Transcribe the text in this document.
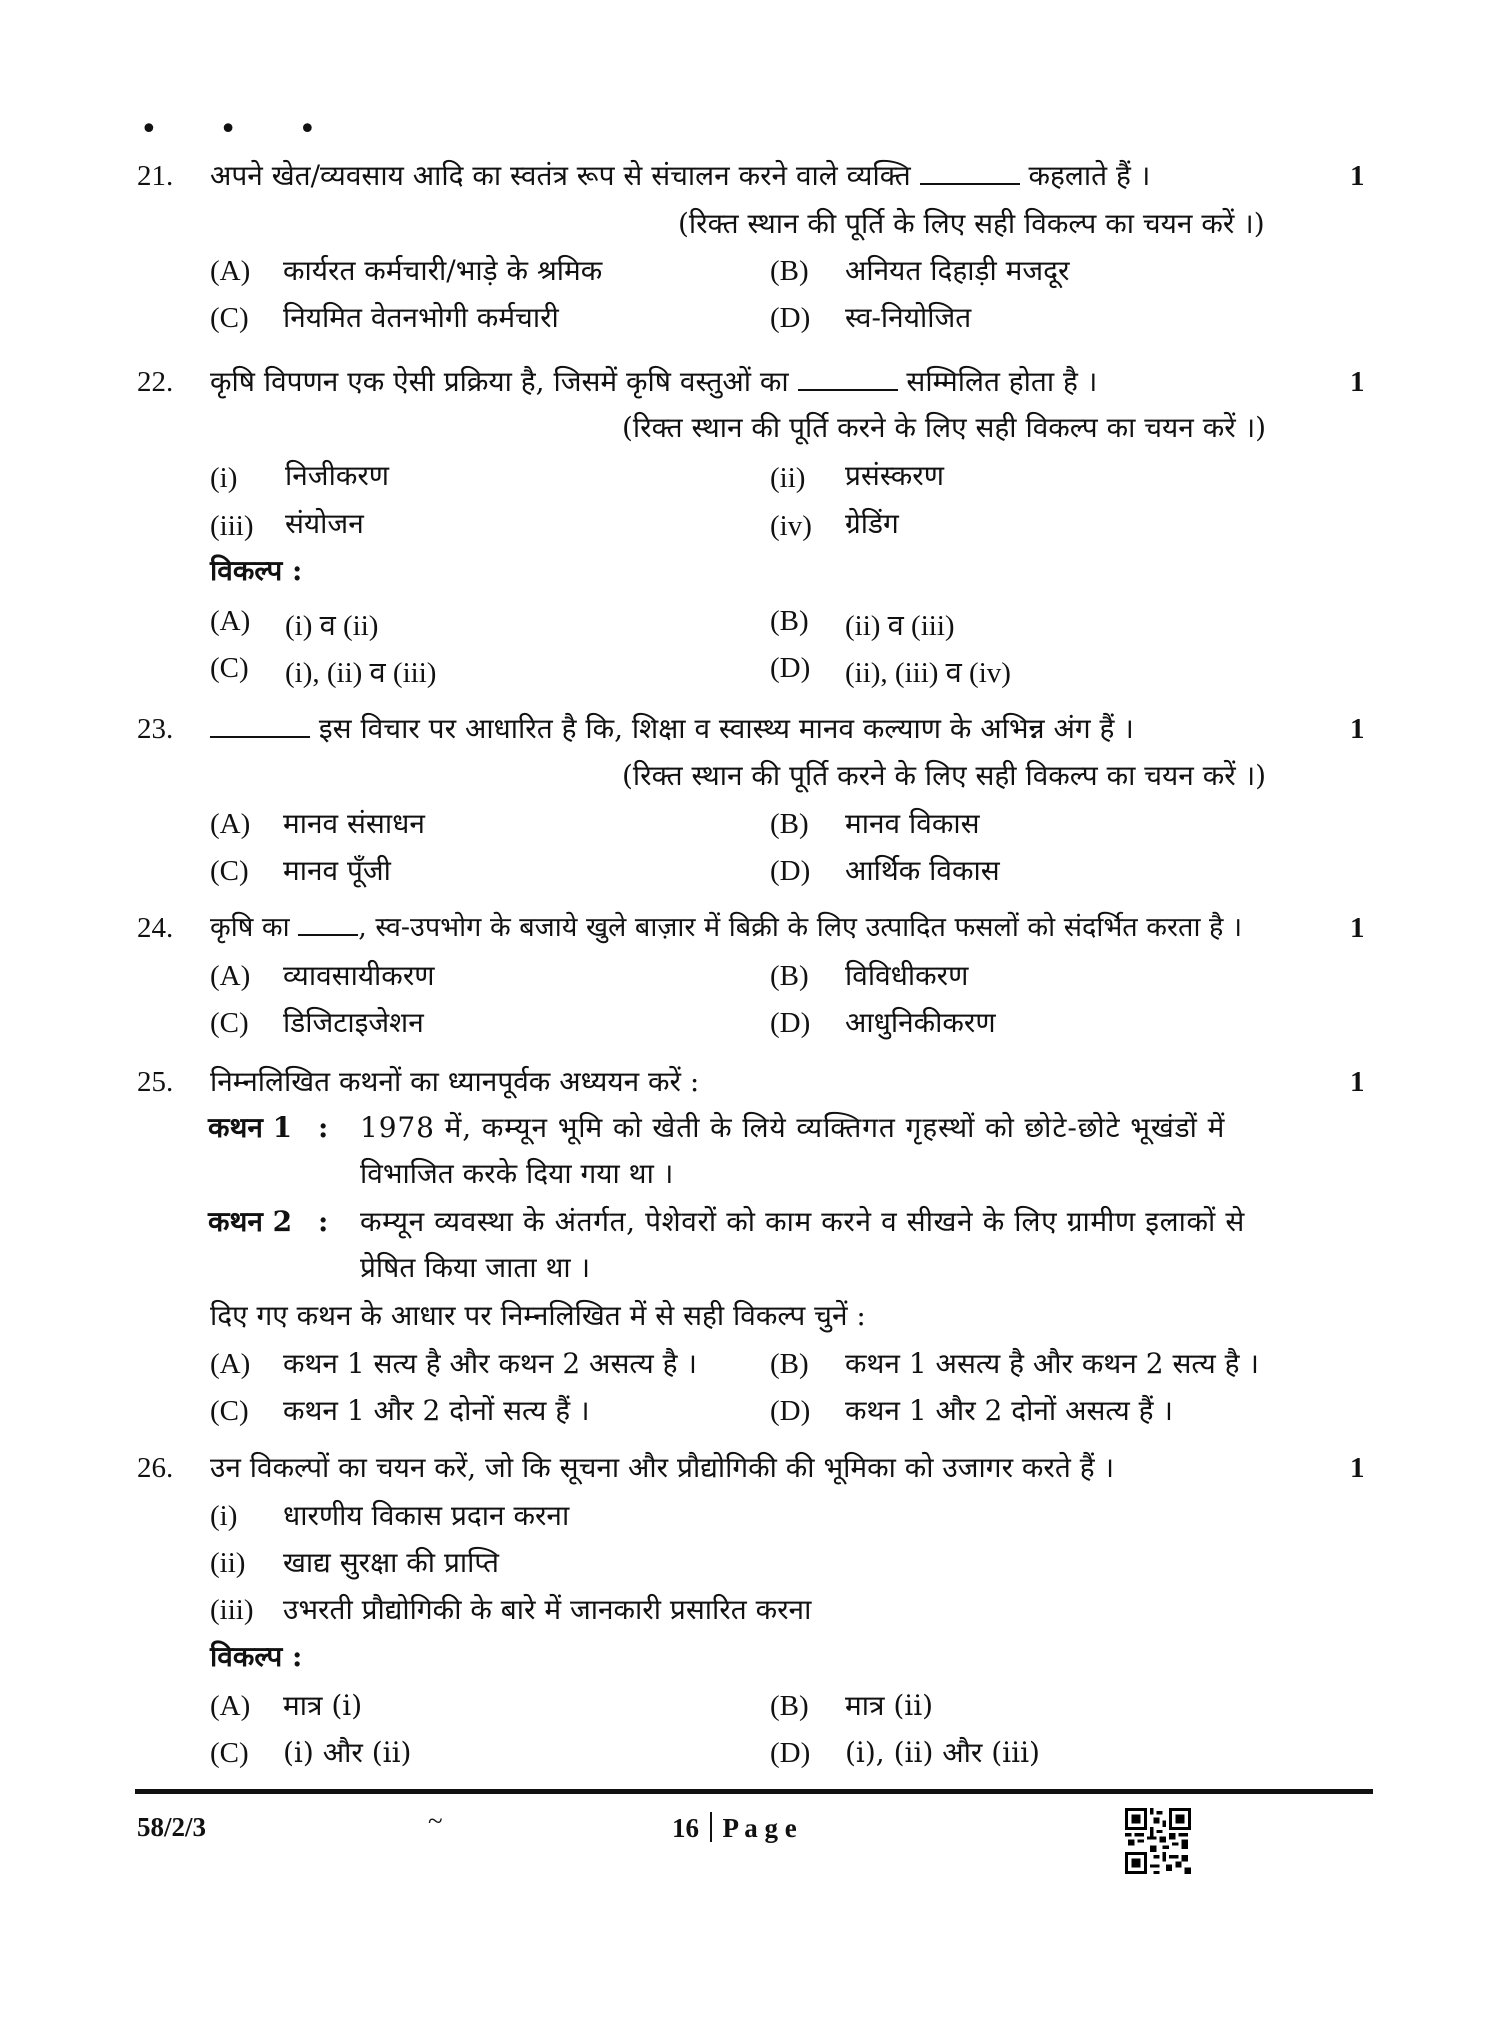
• • •
21. अपने खेत/व्यवसाय आदि का स्वतंत्र रूप से संचालन करने वाले व्यक्ति	कहलाते हैं ।	1
(रिक्त स्थान की पूर्ति के लिए सही विकल्प का चयन करें ।)
(A) कार्यरत कर्मचारी/भाड़े के श्रमिक	(B) अनियत दिहाड़ी मजदूर
(C) नियमित वेतनभोगी कर्मचारी	(D) स्व-नियोजित
22. कृषि विपणन एक ऐसी प्रक्रिया है, जिसमें कृषि वस्तुओं का	सम्मिलित होता है ।	1
(रिक्त स्थान की पूर्ति करने के लिए सही विकल्प का चयन करें ।)
(i) निजीकरण	(ii) प्रसंस्करण
(iii) संयोजन	(iv) ग्रेडिंग
विकल्प :
(A) (i) व (ii)	(B) (ii) व (iii)
(C) (i), (ii) व (iii)	(D) (ii), (iii) व (iv)
23.	इस विचार पर आधारित है कि, शिक्षा व स्वास्थ्य मानव कल्याण के अभिन्न अंग हैं ।	1
(रिक्त स्थान की पूर्ति करने के लिए सही विकल्प का चयन करें ।)
(A) मानव संसाधन	(B) मानव विकास
(C) मानव पूँजी	(D) आर्थिक विकास
24. कृषि का	, स्व-उपभोग के बजाये खुले बाज़ार में बिक्री के लिए उत्पादित फसलों को संदर्भित करता है ।	1
(A) व्यावसायीकरण	(B) विविधीकरण
(C) डिजिटाइजेशन	(D) आधुनिकीकरण
25. निम्नलिखित कथनों का ध्यानपूर्वक अध्ययन करें :	1
कथन 1 : 1978 में, कम्यून भूमि को खेती के लिये व्यक्तिगत गृहस्थों को छोटे-छोटे भूखंडों में
विभाजित करके दिया गया था ।
कथन 2 : कम्यून व्यवस्था के अंतर्गत, पेशेवरों को काम करने व सीखने के लिए ग्रामीण इलाकों से
प्रेषित किया जाता था ।
दिए गए कथन के आधार पर निम्नलिखित में से सही विकल्प चुनें :
(A) कथन 1 सत्य है और कथन 2 असत्य है ।	(B) कथन 1 असत्य है और कथन 2 सत्य है ।
(C) कथन 1 और 2 दोनों सत्य हैं ।	(D) कथन 1 और 2 दोनों असत्य हैं ।
26. उन विकल्पों का चयन करें, जो कि सूचना और प्रौद्योगिकी की भूमिका को उजागर करते हैं ।	1
(i) धारणीय विकास प्रदान करना
(ii) खाद्य सुरक्षा की प्राप्ति
(iii) उभरती प्रौद्योगिकी के बारे में जानकारी प्रसारित करना
विकल्प :
(A) मात्र (i)	(B) मात्र (ii)
(C) (i) और (ii)	(D) (i), (ii) और (iii)
58/2/3	~	16 P a g e
